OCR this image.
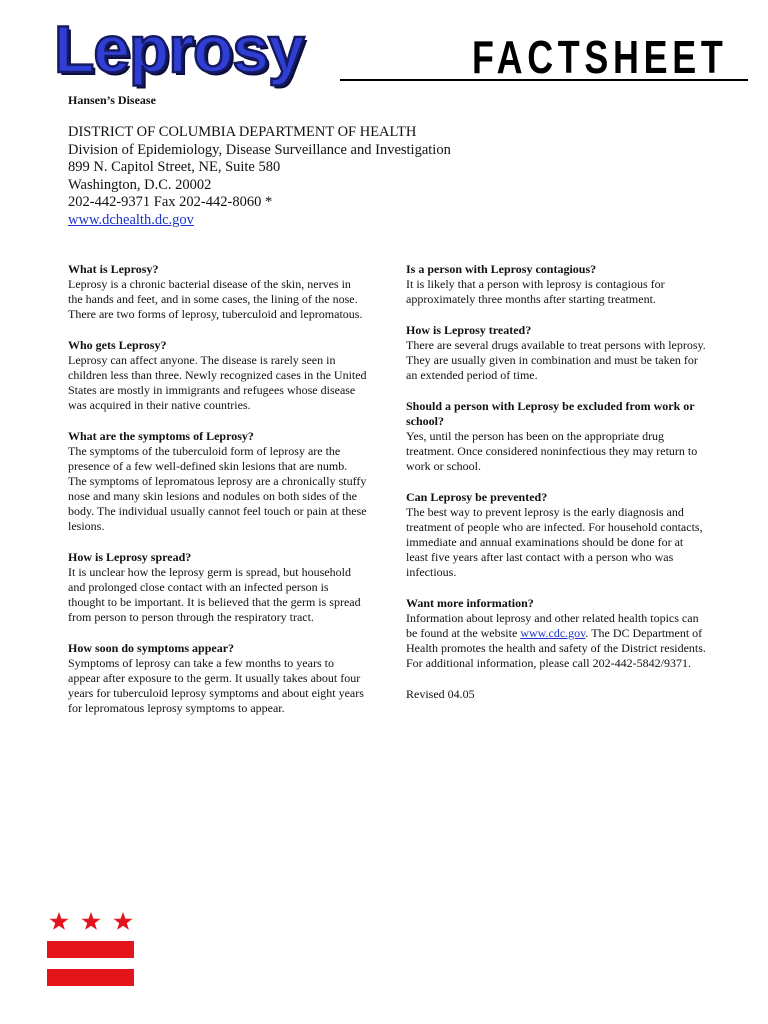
Leprosy	FACTSHEET
Hansen’s Disease
DISTRICT OF COLUMBIA DEPARTMENT OF HEALTH
Division of Epidemiology, Disease Surveillance and Investigation
899 N. Capitol Street, NE, Suite 580
Washington, D.C. 20002
202-442-9371 Fax 202-442-8060 *
www.dchealth.dc.gov
What is Leprosy?
Leprosy is a chronic bacterial disease of the skin, nerves in the hands and feet, and in some cases, the lining of the nose. There are two forms of leprosy, tuberculoid and lepromatous.
Who gets Leprosy?
Leprosy can affect anyone. The disease is rarely seen in children less than three. Newly recognized cases in the United States are mostly in immigrants and refugees whose disease was acquired in their native countries.
What are the symptoms of Leprosy?
The symptoms of the tuberculoid form of leprosy are the presence of a few well-defined skin lesions that are numb. The symptoms of lepromatous leprosy are a chronically stuffy nose and many skin lesions and nodules on both sides of the body. The individual usually cannot feel touch or pain at these lesions.
How is Leprosy spread?
It is unclear how the leprosy germ is spread, but household and prolonged close contact with an infected person is thought to be important. It is believed that the germ is spread from person to person through the respiratory tract.
How soon do symptoms appear?
Symptoms of leprosy can take a few months to years to appear after exposure to the germ. It usually takes about four years for tuberculoid leprosy symptoms and about eight years for lepromatous leprosy symptoms to appear.
Is a person with Leprosy contagious?
It is likely that a person with leprosy is contagious for approximately three months after starting treatment.
How is Leprosy treated?
There are several drugs available to treat persons with leprosy. They are usually given in combination and must be taken for an extended period of time.
Should a person with Leprosy be excluded from work or school?
Yes, until the person has been on the appropriate drug treatment. Once considered noninfectious they may return to work or school.
Can Leprosy be prevented?
The best way to prevent leprosy is the early diagnosis and treatment of people who are infected. For household contacts, immediate and annual examinations should be done for at least five years after last contact with a person who was infectious.
Want more information?
Information about leprosy and other related health topics can be found at the website www.cdc.gov. The DC Department of Health promotes the health and safety of the District residents. For additional information, please call 202-442-5842/9371.
Revised 04.05
